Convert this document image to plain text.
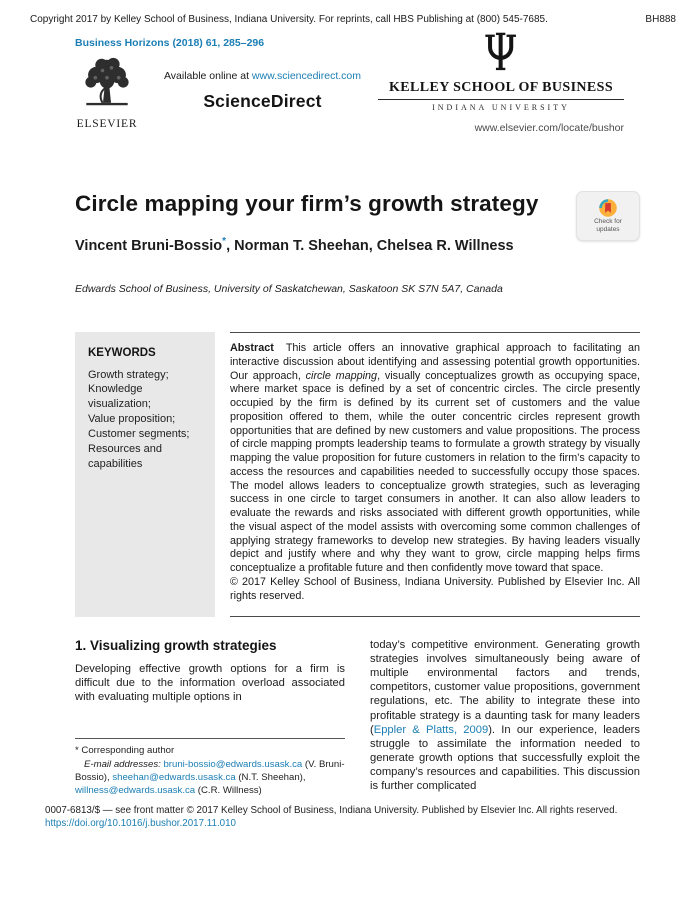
Copyright 2017 by Kelley School of Business, Indiana University. For reprints, call HBS Publishing at (800) 545-7685.	BH888
Business Horizons (2018) 61, 285–296
ELSEVIER
Available online at www.sciencedirect.com
ScienceDirect
KELLEY SCHOOL OF BUSINESS
INDIANA UNIVERSITY
www.elsevier.com/locate/bushor
Circle mapping your firm’s growth strategy
Check for
updates
Vincent Bruni-Bossio*, Norman T. Sheehan, Chelsea R. Willness
Edwards School of Business, University of Saskatchewan, Saskatoon SK S7N 5A7, Canada
KEYWORDS
Growth strategy;
Knowledge visualization;
Value proposition;
Customer segments;
Resources and capabilities

Abstract This article offers an innovative graphical approach to facilitating an interactive discussion about identifying and assessing potential growth opportunities. Our approach, circle mapping, visually conceptualizes growth as occupying space, where market space is defined by a set of concentric circles. The circle presently occupied by the firm is defined by its current set of customers and the value proposition offered to them, while the outer concentric circles represent growth opportunities that are defined by new customers and value propositions. The process of circle mapping prompts leadership teams to formulate a growth strategy by visually mapping the value proposition for future customers in relation to the firm’s capacity to access the resources and capabilities needed to successfully occupy those spaces. The model allows leaders to conceptualize growth strategies, such as leveraging success in one circle to target consumers in another. It can also allow leaders to evaluate the rewards and risks associated with different growth opportunities, while the visual aspect of the model assists with overcoming some common challenges of applying strategy frameworks to develop new strategies. By having leaders visually depict and justify where and why they want to grow, circle mapping helps firms conceptualize a profitable future and then confidently move toward that space.

© 2017 Kelley School of Business, Indiana University. Published by Elsevier Inc. All rights reserved.

1. Visualizing growth strategies

Developing effective growth options for a firm is difficult due to the information overload associated with evaluating multiple options in

* Corresponding author

E-mail addresses: bruni-bossio@edwards.usask.ca (V. Bruni-Bossio), sheehan@edwards.usask.ca (N.T. Sheehan), willness@edwards.usask.ca (C.R. Willness)

today’s competitive environment. Generating growth strategies involves simultaneously being aware of multiple environmental factors and trends, competitors, customer value propositions, government regulations, etc. The ability to integrate these into profitable strategy is a daunting task for many leaders (Eppler & Platts, 2009). In our experience, leaders struggle to assimilate the information needed to generate growth options that successfully exploit the company’s resources and capabilities. This discussion is further complicated

0007-6813/$ — see front matter © 2017 Kelley School of Business, Indiana University. Published by Elsevier Inc. All rights reserved.
https://doi.org/10.1016/j.bushor.2017.11.010
